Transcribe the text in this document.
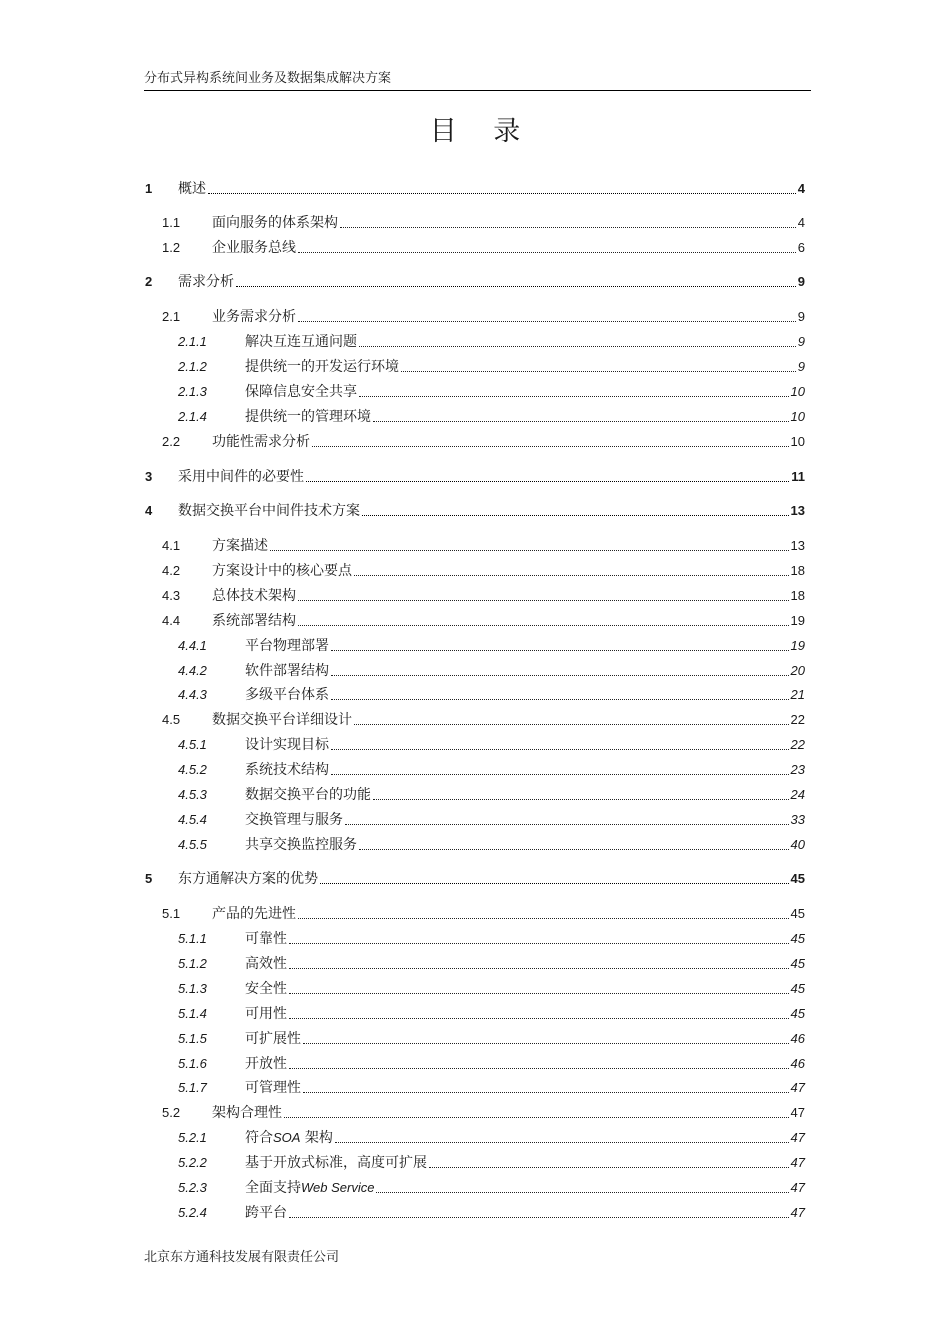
分布式异构系统间业务及数据集成解决方案
目 录
1 概述	4
1.1 面向服务的体系架构	4
1.2 企业服务总线	6
2 需求分析	9
2.1 业务需求分析	9
2.1.1	解决互连互通问题	9
2.1.2	提供统一的开发运行环境	9
2.1.3	保障信息安全共享	10
2.1.4	提供统一的管理环境	10
2.2 功能性需求分析	10
3 采用中间件的必要性	11
4 数据交换平台中间件技术方案	13
4.1 方案描述	13
4.2 方案设计中的核心要点	18
4.3 总体技术架构	18
4.4 系统部署结构	19
4.4.1	平台物理部署	19
4.4.2	软件部署结构	20
4.4.3	多级平台体系	21
4.5 数据交换平台详细设计	22
4.5.1	设计实现目标	22
4.5.2	系统技术结构	23
4.5.3	数据交换平台的功能	24
4.5.4	交换管理与服务	33
4.5.5	共享交换监控服务	40
5 东方通解决方案的优势	45
5.1 产品的先进性	45
5.1.1	可靠性	45
5.1.2	高效性	45
5.1.3	安全性	45
5.1.4	可用性	45
5.1.5	可扩展性	46
5.1.6	开放性	46
5.1.7	可管理性	47
5.2 架构合理性	47
5.2.1	符合SOA 架构	47
5.2.2	基于开放式标准，高度可扩展	47
5.2.3	全面支持Web Service	47
5.2.4	跨平台	47
北京东方通科技发展有限责任公司
